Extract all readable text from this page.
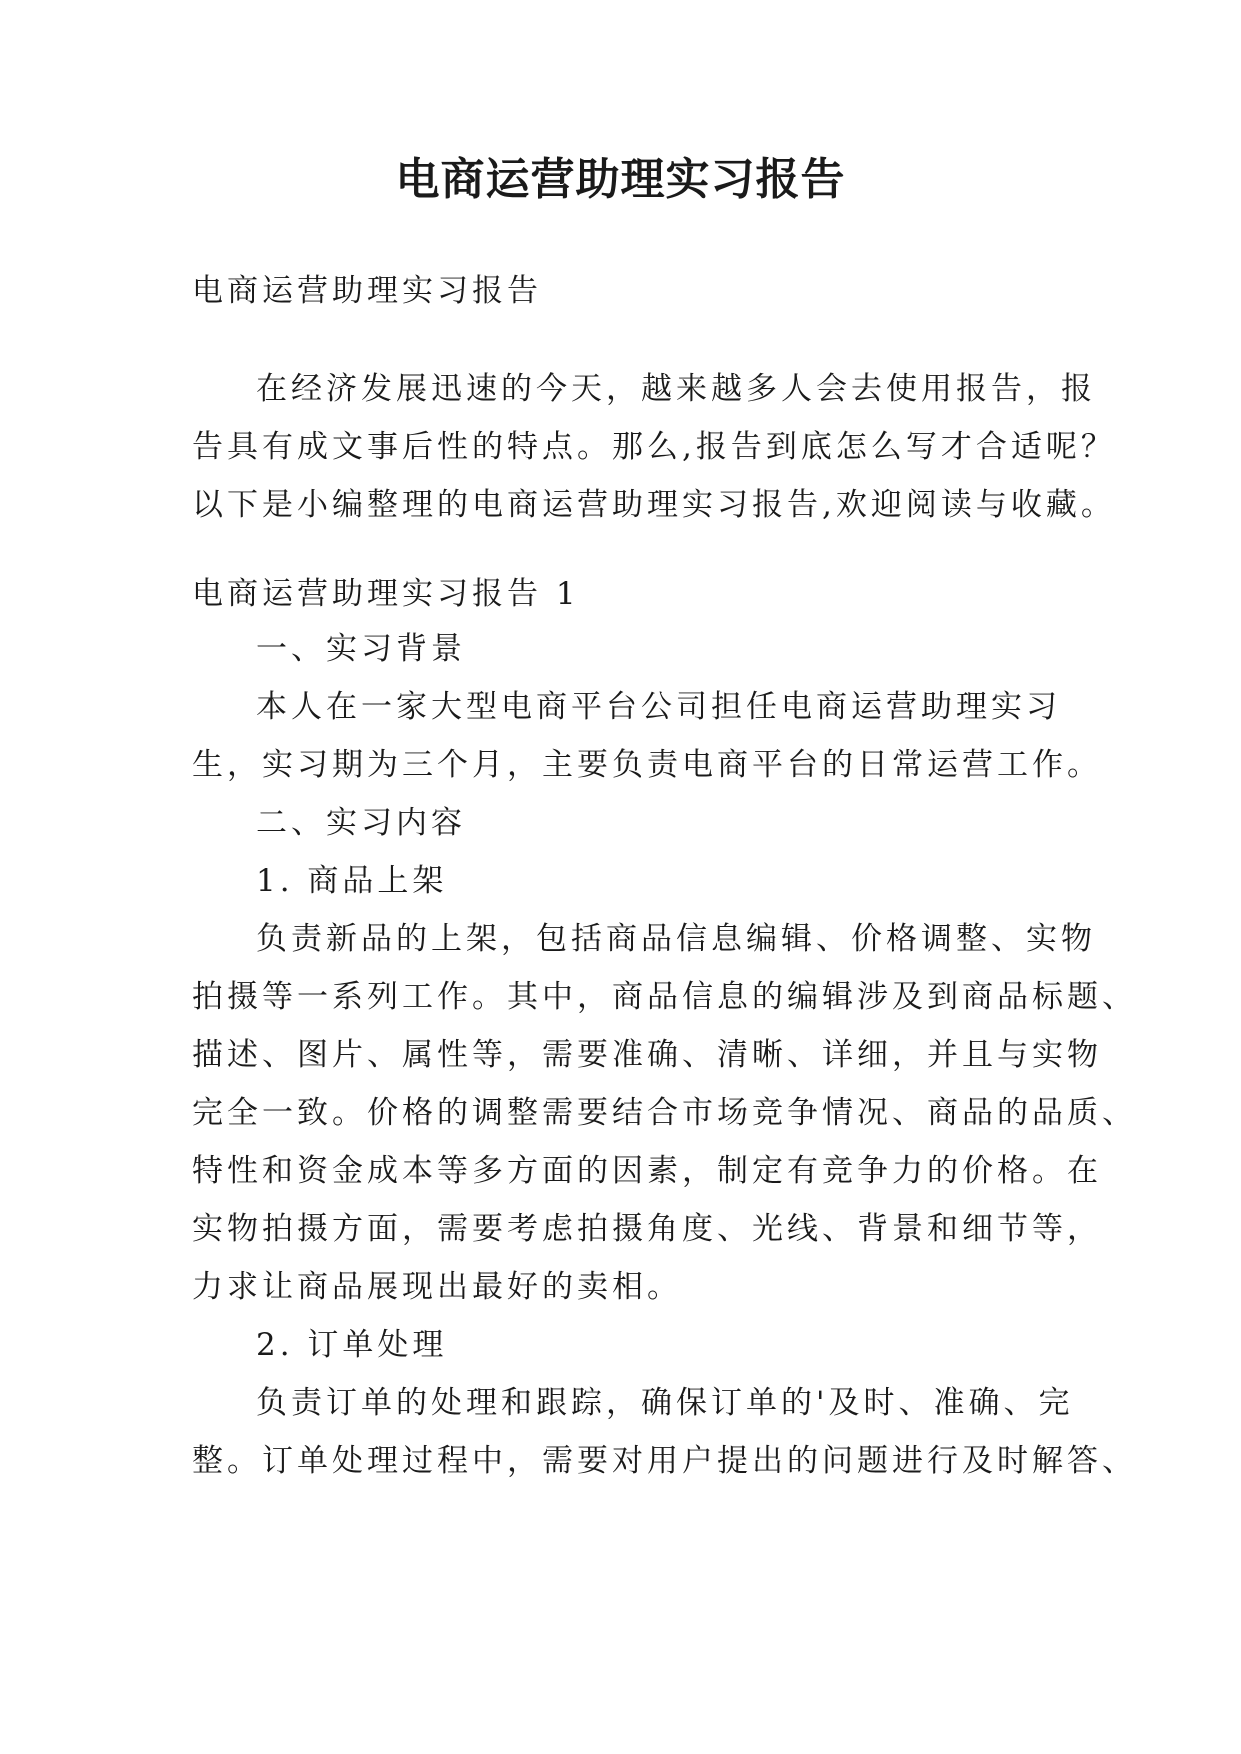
电商运营助理实习报告

电商运营助理实习报告

在经济发展迅速的今天，越来越多人会去使用报告，报
告具有成文事后性的特点。那么,报告到底怎么写才合适呢？
以下是小编整理的电商运营助理实习报告,欢迎阅读与收藏。

电商运营助理实习报告 1

一、实习背景
本人在一家大型电商平台公司担任电商运营助理实习
生，实习期为三个月，主要负责电商平台的日常运营工作。
二、实习内容
1. 商品上架
负责新品的上架，包括商品信息编辑、价格调整、实物
拍摄等一系列工作。其中，商品信息的编辑涉及到商品标题、
描述、图片、属性等，需要准确、清晰、详细，并且与实物
完全一致。价格的调整需要结合市场竞争情况、商品的品质、
特性和资金成本等多方面的因素，制定有竞争力的价格。在
实物拍摄方面，需要考虑拍摄角度、光线、背景和细节等，
力求让商品展现出最好的卖相。
2. 订单处理
负责订单的处理和跟踪，确保订单的'及时、准确、完
整。订单处理过程中，需要对用户提出的问题进行及时解答、
